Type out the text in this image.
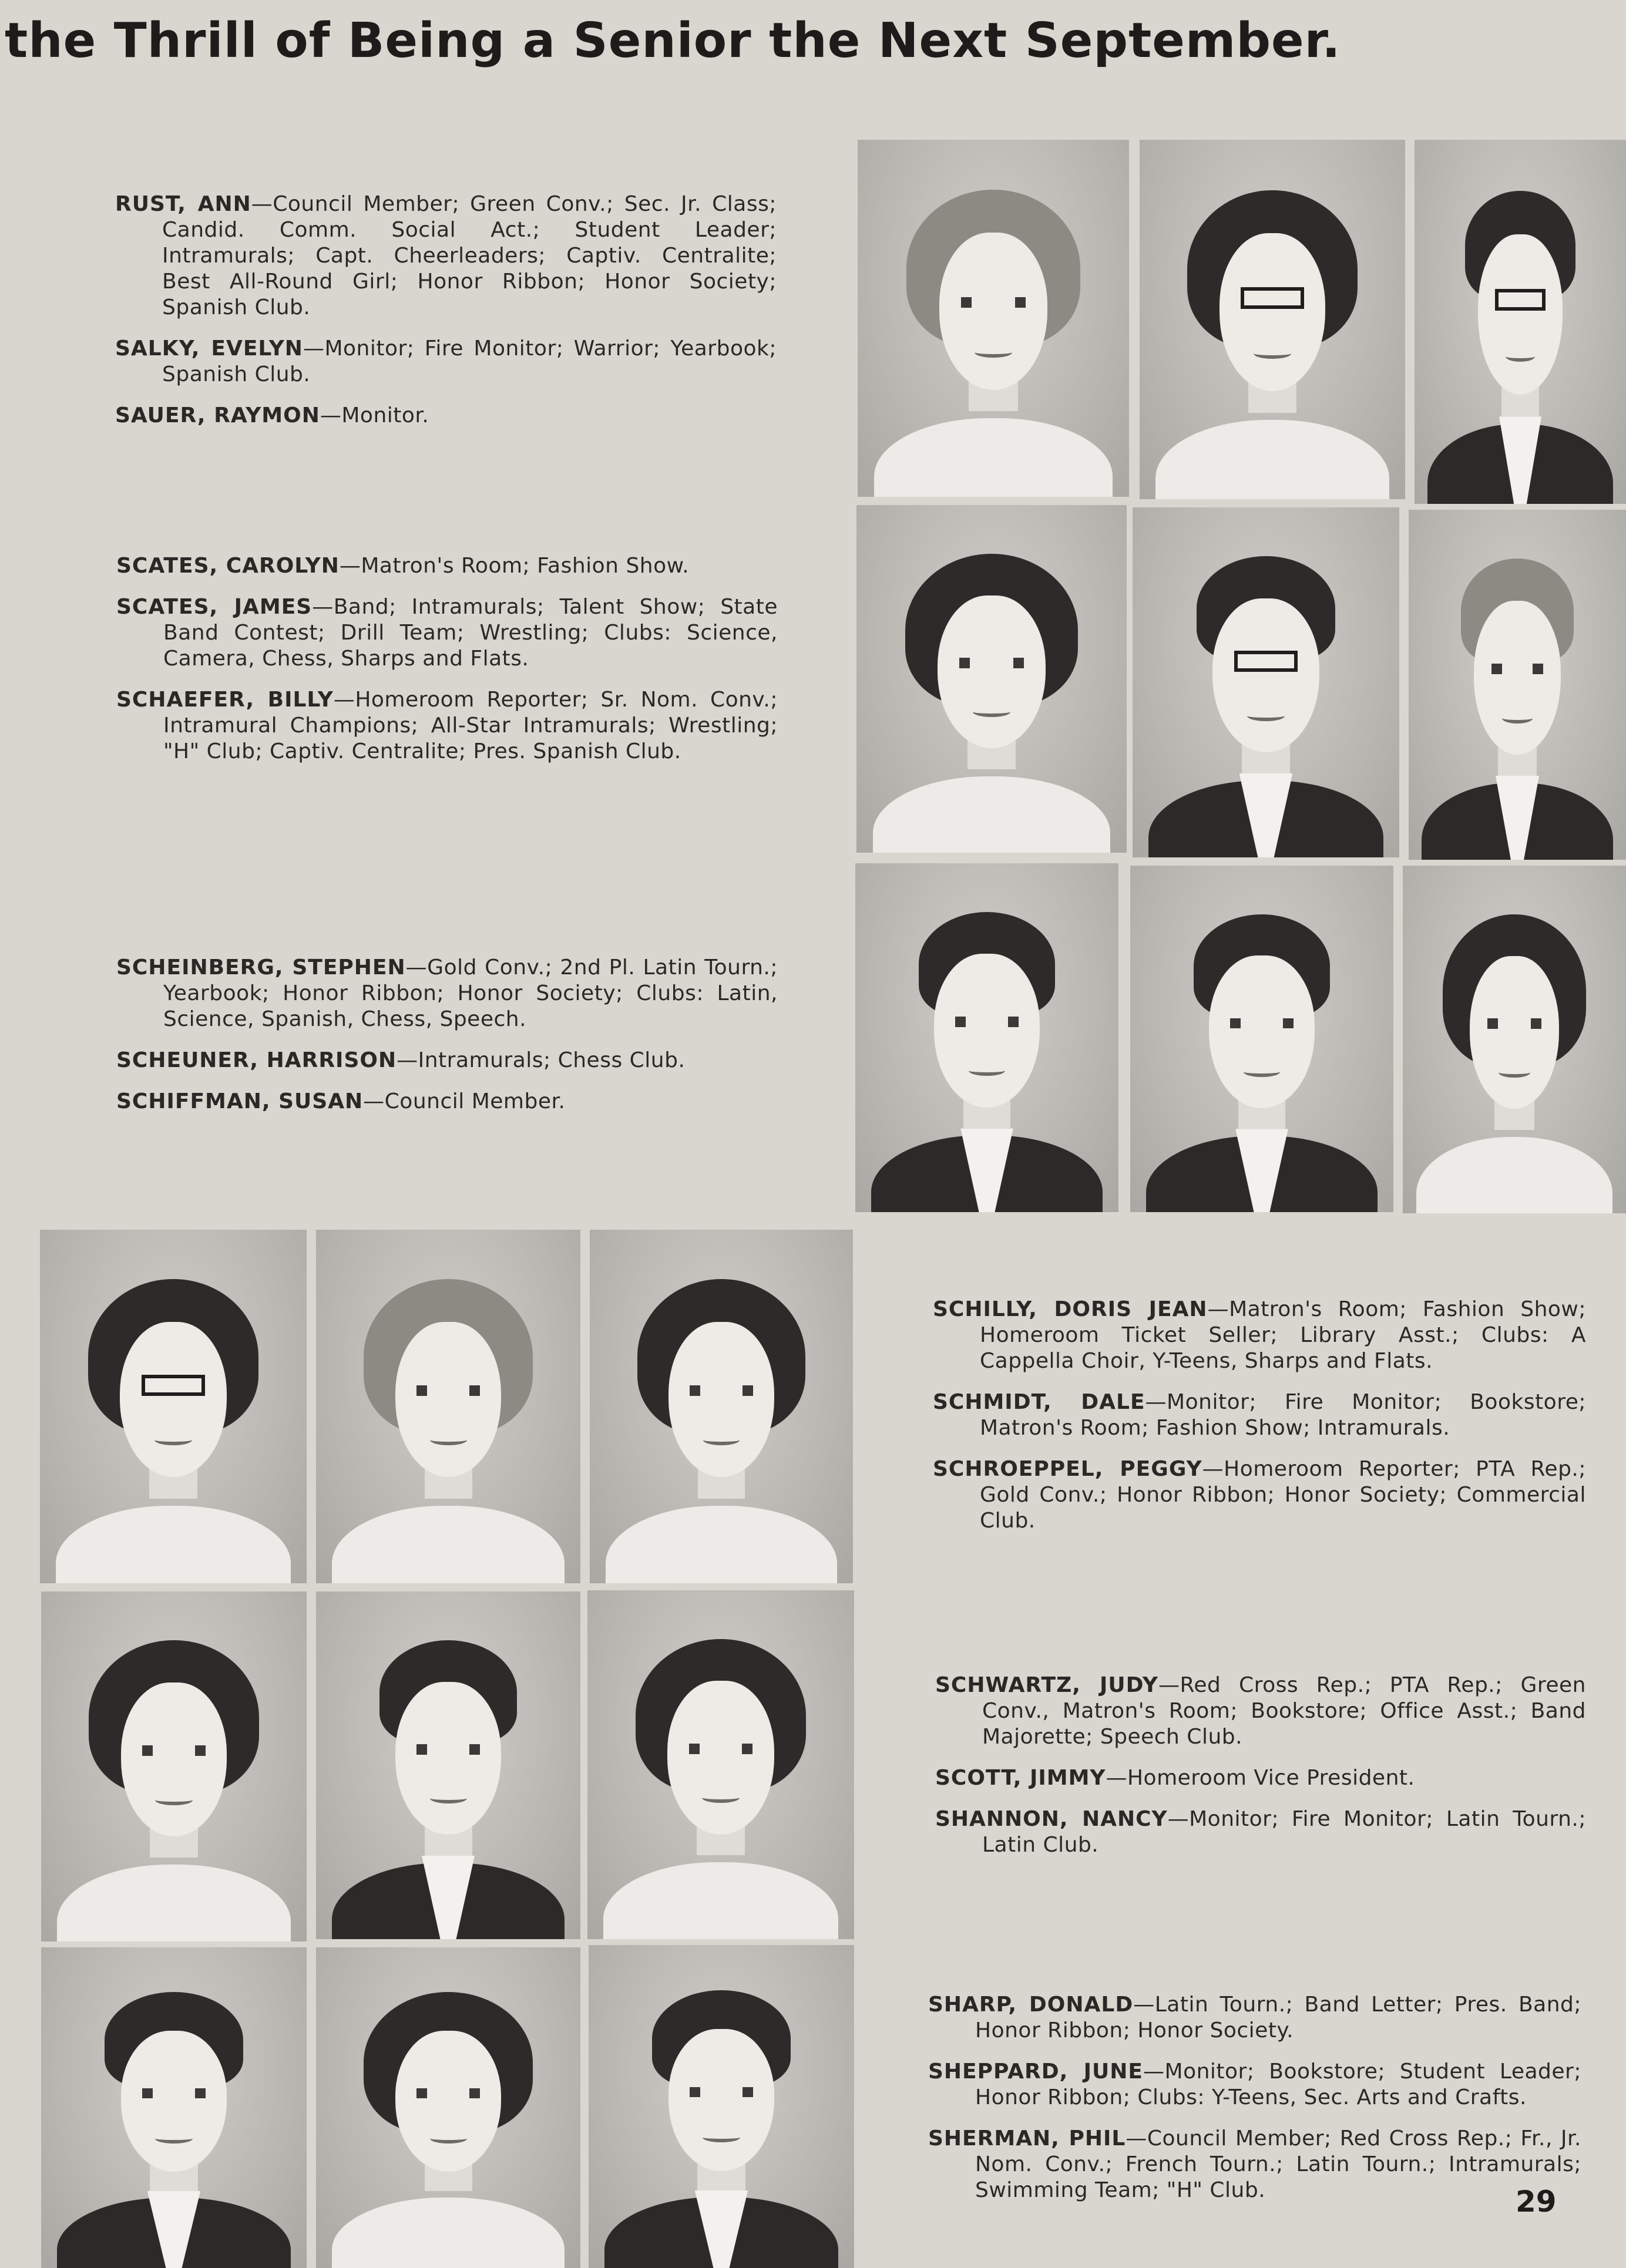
the Thrill of Being a Senior the Next September.
RUST, ANN—Council Member; Green Conv.; Sec. Jr. Class; Candid. Comm. Social Act.; Student Leader; Intramurals; Capt. Cheerleaders; Captiv. Centralite; Best All-Round Girl; Honor Ribbon; Honor Society; Spanish Club.
SALKY, EVELYN—Monitor; Fire Monitor; Warrior; Yearbook; Spanish Club.
SAUER, RAYMON—Monitor.
SCATES, CAROLYN—Matron's Room; Fashion Show.
SCATES, JAMES—Band; Intramurals; Talent Show; State Band Contest; Drill Team; Wrestling; Clubs: Science, Camera, Chess, Sharps and Flats.
SCHAEFER, BILLY—Homeroom Reporter; Sr. Nom. Conv.; Intramural Champions; All-Star Intramurals; Wrestling; "H" Club; Captiv. Centralite; Pres. Spanish Club.
SCHEINBERG, STEPHEN—Gold Conv.; 2nd Pl. Latin Tourn.; Yearbook; Honor Ribbon; Honor Society; Clubs: Latin, Science, Spanish, Chess, Speech.
SCHEUNER, HARRISON—Intramurals; Chess Club.
SCHIFFMAN, SUSAN—Council Member.
SCHILLY, DORIS JEAN—Matron's Room; Fashion Show; Homeroom Ticket Seller; Library Asst.; Clubs: A Cappella Choir, Y-Teens, Sharps and Flats.
SCHMIDT, DALE—Monitor; Fire Monitor; Bookstore; Matron's Room; Fashion Show; Intramurals.
SCHROEPPEL, PEGGY—Homeroom Reporter; PTA Rep.; Gold Conv.; Honor Ribbon; Honor Society; Commercial Club.
SCHWARTZ, JUDY—Red Cross Rep.; PTA Rep.; Green Conv., Matron's Room; Bookstore; Office Asst.; Band Majorette; Speech Club.
SCOTT, JIMMY—Homeroom Vice President.
SHANNON, NANCY—Monitor; Fire Monitor; Latin Tourn.; Latin Club.
SHARP, DONALD—Latin Tourn.; Band Letter; Pres. Band; Honor Ribbon; Honor Society.
SHEPPARD, JUNE—Monitor; Bookstore; Student Leader; Honor Ribbon; Clubs: Y-Teens, Sec. Arts and Crafts.
SHERMAN, PHIL—Council Member; Red Cross Rep.; Fr., Jr. Nom. Conv.; French Tourn.; Latin Tourn.; Intramurals; Swimming Team; "H" Club.	29
